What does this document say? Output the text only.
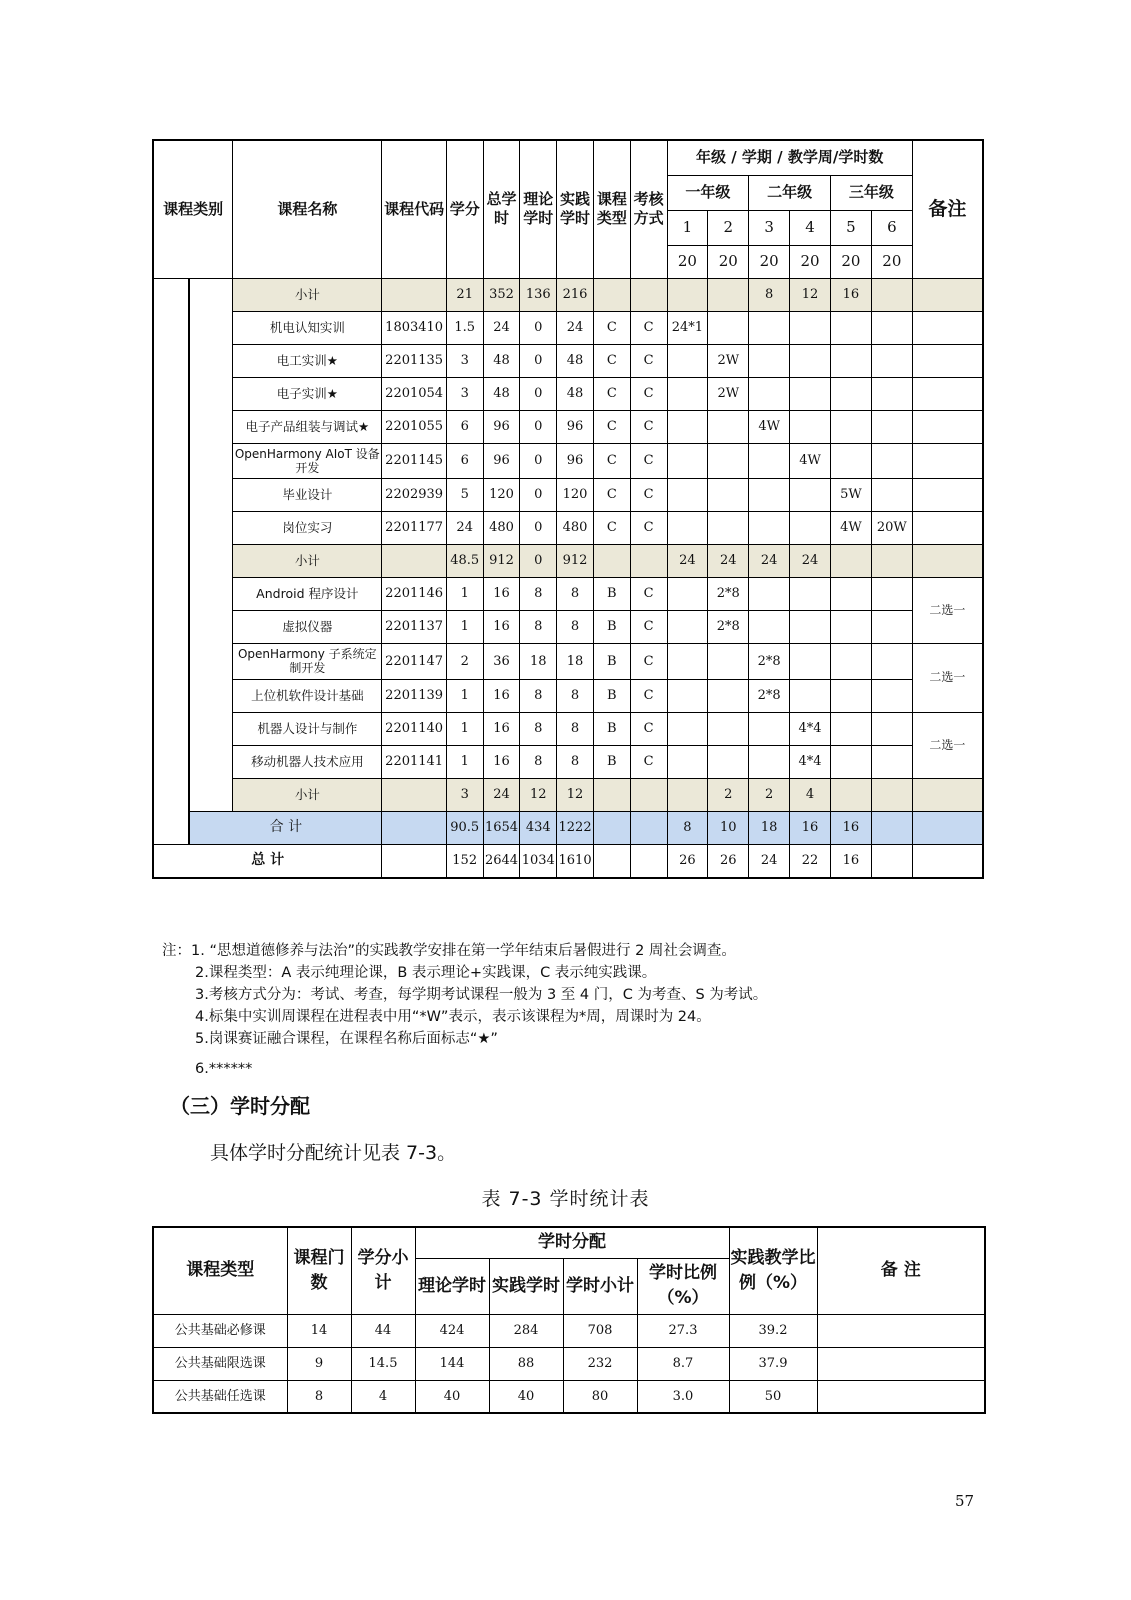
课程类别		课程名称	课程代码	学分	总学时	理论学时	实践学时	课程类型	考核方式	年级 / 学期 / 教学周/学时数						备注
										一年级		二年级		三年级		
										1	2	3	4	5	6	
										20	20	20	20	20	20	
		小计		21	352	136	216					8	12	16		
		机电认知实训	1803410	1.5	24	0	24	C	C	24*1						
		电工实训★	2201135	3	48	0	48	C	C		2W					
		电子实训★	2201054	3	48	0	48	C	C		2W					
		电子产品组装与调试★	2201055	6	96	0	96	C	C			4W				
		OpenHarmony AIoT 设备开发	2201145	6	96	0	96	C	C				4W			
		毕业设计	2202939	5	120	0	120	C	C					5W		
		岗位实习	2201177	24	480	0	480	C	C					4W	20W	
		小计		48.5	912	0	912			24	24	24	24			
		Android 程序设计	2201146	1	16	8	8	B	C		2*8					二选一
		虚拟仪器	2201137	1	16	8	8	B	C		2*8					
		OpenHarmony 子系统定制开发	2201147	2	36	18	18	B	C			2*8				二选一
		上位机软件设计基础	2201139	1	16	8	8	B	C			2*8				
		机器人设计与制作	2201140	1	16	8	8	B	C				4*4			二选一
		移动机器人技术应用	2201141	1	16	8	8	B	C				4*4			
		小计		3	24	12	12				2	2	4			
	合 计			90.5	1654	434	1222			8	10	18	16	16		
总 计				152	2644	1034	1610			26	26	24	22	16		
注：1. “思想道德修养与法治”的实践教学安排在第一学年结束后暑假进行 2 周社会调查。
2.课程类型：A 表示纯理论课，B 表示理论+实践课，C 表示纯实践课。
3.考核方式分为：考试、考查，每学期考试课程一般为 3 至 4 门，C 为考查、S 为考试。
4.标集中实训周课程在进程表中用“*W”表示，表示该课程为*周，周课时为 24。
5.岗课赛证融合课程，在课程名称后面标志“★”
6.******
（三）学时分配
具体学时分配统计见表 7-3。
表 7-3 学时统计表
课程类型	课程门数	学分小计	学时分配				实践教学比例（%）	备 注
			理论学时	实践学时	学时小计	学时比例（%）		
公共基础必修课	14	44	424	284	708	27.3	39.2	
公共基础限选课	9	14.5	144	88	232	8.7	37.9	
公共基础任选课	8	4	40	40	80	3.0	50	
57
